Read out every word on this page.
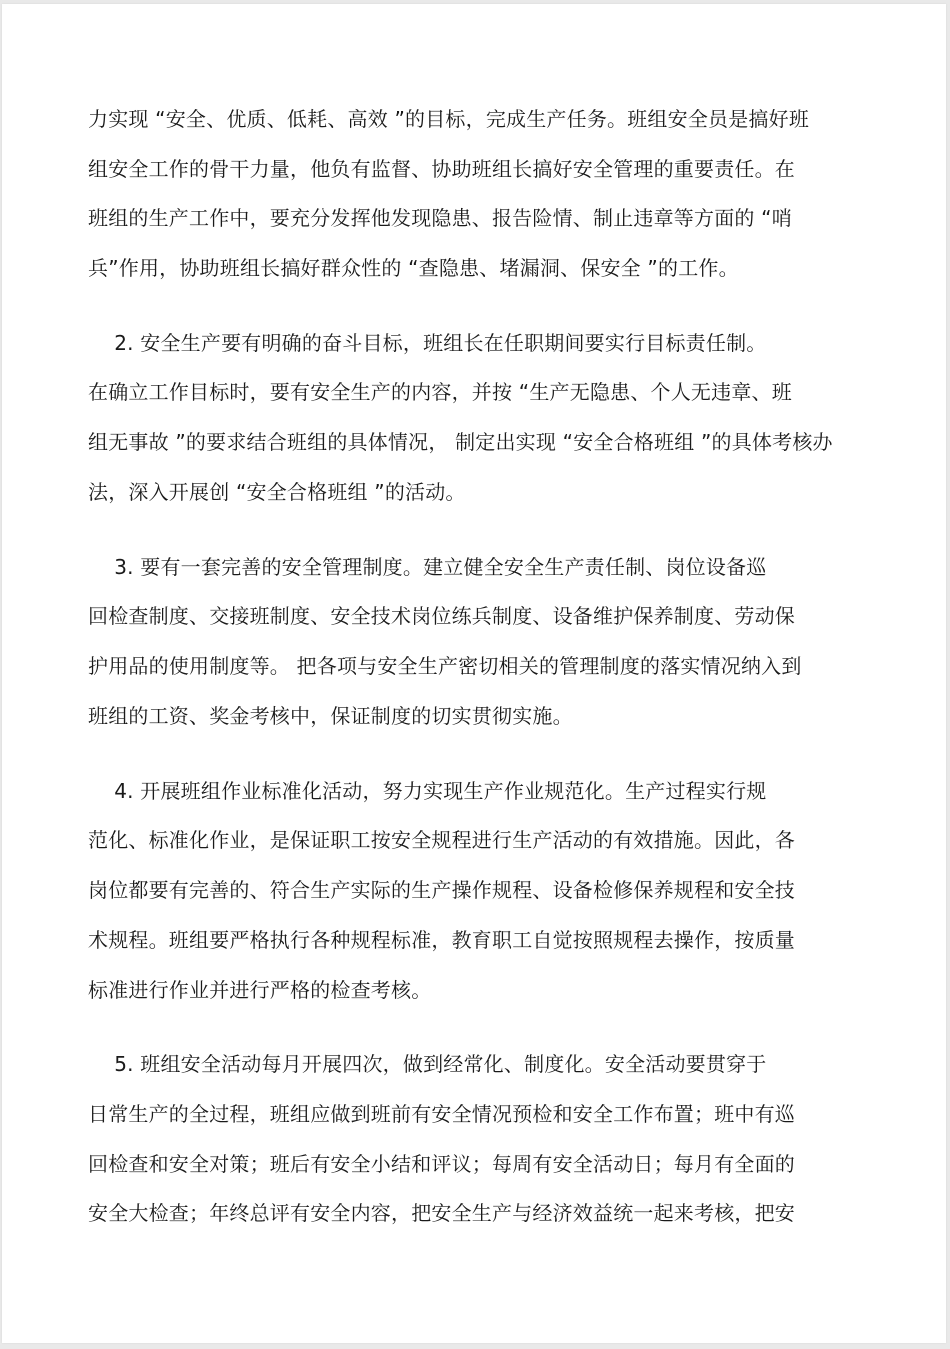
力实现 “安全、优质、低耗、高效 ”的目标，完成生产任务。班组安全员是搞好班

组安全工作的骨干力量，他负有监督、协助班组长搞好安全管理的重要责任。在

班组的生产工作中，要充分发挥他发现隐患、报告险情、制止违章等方面的 “哨

兵”作用，协助班组长搞好群众性的 “查隐患、堵漏洞、保安全 ”的工作。

2. 安全生产要有明确的奋斗目标，班组长在任职期间要实行目标责任制。

在确立工作目标时，要有安全生产的内容，并按 “生产无隐患、个人无违章、班

组无事故 ”的要求结合班组的具体情况， 制定出实现 “安全合格班组 ”的具体考核办

法，深入开展创 “安全合格班组 ”的活动。

3. 要有一套完善的安全管理制度。建立健全安全生产责任制、岗位设备巡

回检查制度、交接班制度、安全技术岗位练兵制度、设备维护保养制度、劳动保

护用品的使用制度等。 把各项与安全生产密切相关的管理制度的落实情况纳入到

班组的工资、奖金考核中，保证制度的切实贯彻实施。

4. 开展班组作业标准化活动，努力实现生产作业规范化。生产过程实行规

范化、标准化作业，是保证职工按安全规程进行生产活动的有效措施。因此，各

岗位都要有完善的、符合生产实际的生产操作规程、设备检修保养规程和安全技

术规程。班组要严格执行各种规程标准，教育职工自觉按照规程去操作，按质量

标准进行作业并进行严格的检查考核。

5. 班组安全活动每月开展四次，做到经常化、制度化。安全活动要贯穿于

日常生产的全过程，班组应做到班前有安全情况预检和安全工作布置；班中有巡

回检查和安全对策；班后有安全小结和评议；每周有安全活动日；每月有全面的

安全大检查；年终总评有安全内容，把安全生产与经济效益统一起来考核，把安
